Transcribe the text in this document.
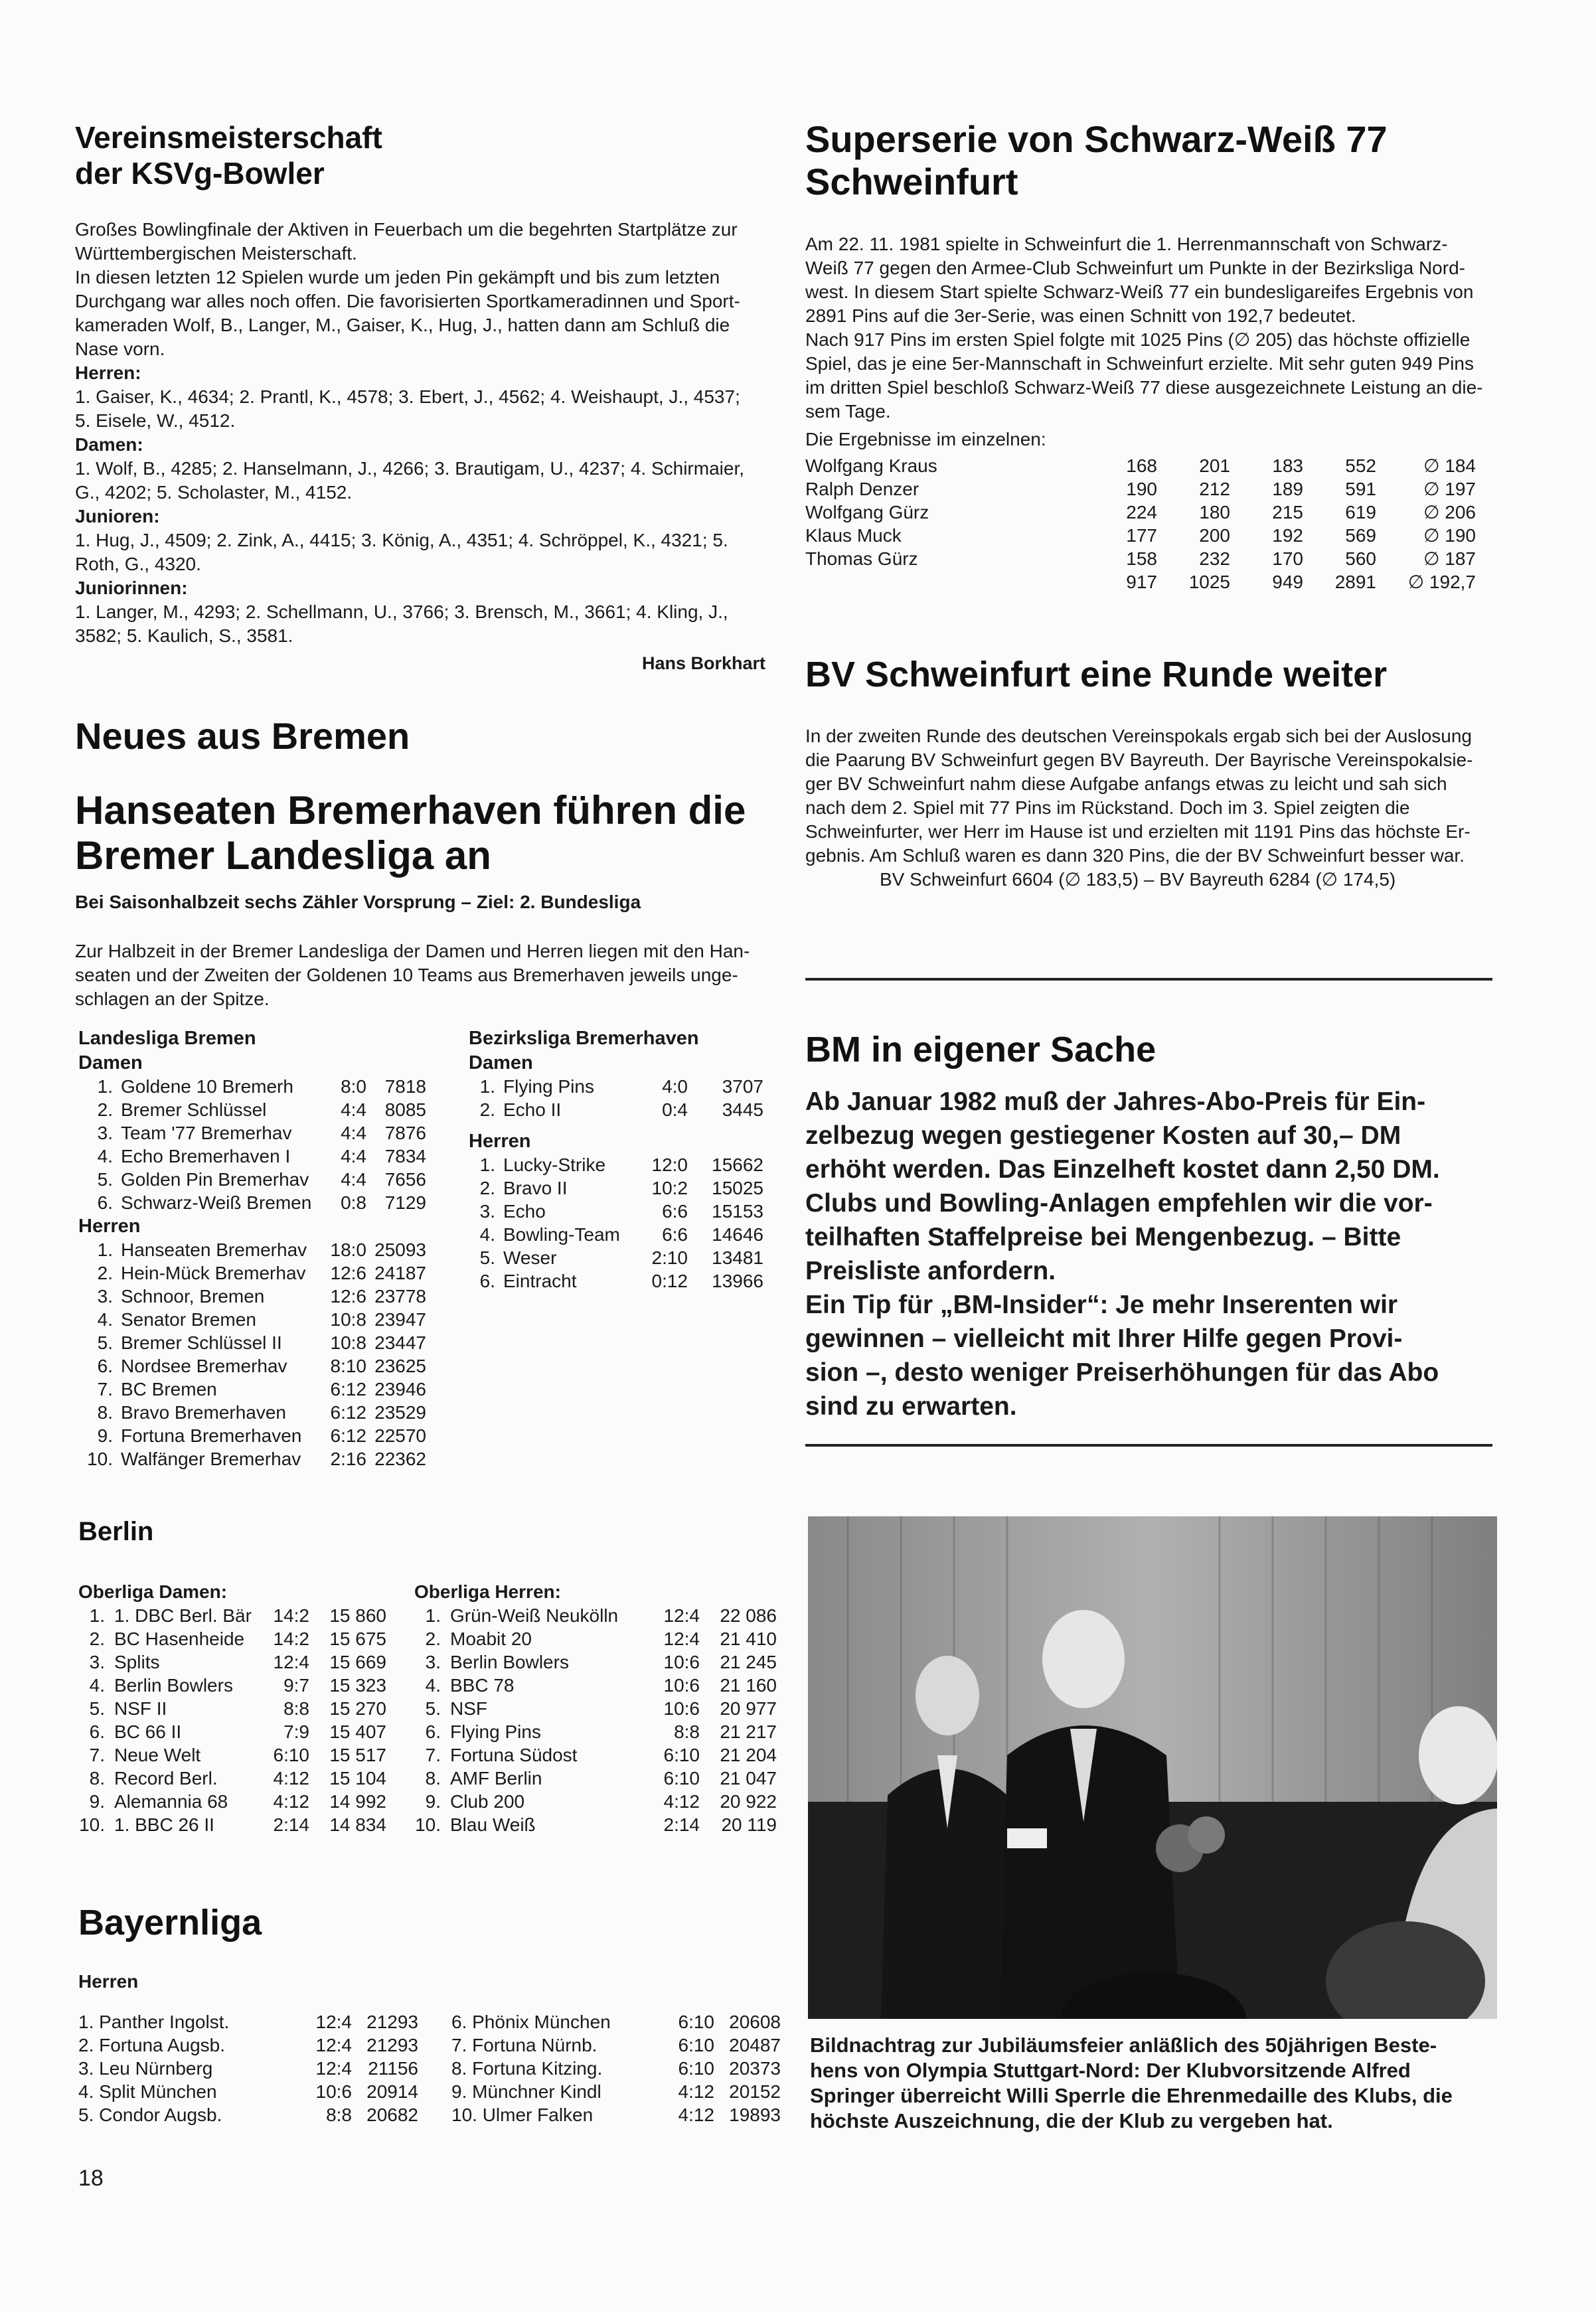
Vereinsmeisterschaft
der KSVg-Bowler

Großes Bowlingfinale der Aktiven in Feuerbach um die begehrten Startplätze zur

Württembergischen Meisterschaft.

In diesen letzten 12 Spielen wurde um jeden Pin gekämpft und bis zum letzten

Durchgang war alles noch offen. Die favorisierten Sportkameradinnen und Sport-

kameraden Wolf, B., Langer, M., Gaiser, K., Hug, J., hatten dann am Schluß die

Nase vorn.

Herren:

1. Gaiser, K., 4634; 2. Prantl, K., 4578; 3. Ebert, J., 4562; 4. Weishaupt, J., 4537;

5. Eisele, W., 4512.

Damen:

1. Wolf, B., 4285; 2. Hanselmann, J., 4266; 3. Brautigam, U., 4237; 4. Schirmaier,

G., 4202; 5. Scholaster, M., 4152.

Junioren:

1. Hug, J., 4509; 2. Zink, A., 4415; 3. König, A., 4351; 4. Schröppel, K., 4321; 5.

Roth, G., 4320.

Juniorinnen:

1. Langer, M., 4293; 2. Schellmann, U., 3766; 3. Brensch, M., 3661; 4. Kling, J.,

3582; 5. Kaulich, S., 3581.

Hans Borkhart
Neues aus Bremen
Hanseaten Bremerhaven führen die
Bremer Landesliga an
Bei Saisonhalbzeit sechs Zähler Vorsprung – Ziel: 2. Bundesliga

Zur Halbzeit in der Bremer Landesliga der Damen und Herren liegen mit den Han-

seaten und der Zweiten der Goldenen 10 Teams aus Bremerhaven jeweils unge-

schlagen an der Spitze.

Landesliga Bremen
Damen
1.	Goldene 10 Bremerh	8:0	7818
2.	Bremer Schlüssel	4:4	8085
3.	Team '77 Bremerhav	4:4	7876
4.	Echo Bremerhaven I	4:4	7834
5.	Golden Pin Bremerhav	4:4	7656
6.	Schwarz-Weiß Bremen	0:8	7129
Herren
1.	Hanseaten Bremerhav	18:0	25093
2.	Hein-Mück Bremerhav	12:6	24187
3.	Schnoor, Bremen	12:6	23778
4.	Senator Bremen	10:8	23947
5.	Bremer Schlüssel II	10:8	23447
6.	Nordsee Bremerhav	8:10	23625
7.	BC Bremen	6:12	23946
8.	Bravo Bremerhaven	6:12	23529
9.	Fortuna Bremerhaven	6:12	22570
10.	Walfänger Bremerhav	2:16	22362
Bezirksliga Bremerhaven
Damen
1.	Flying Pins	4:0	3707
2.	Echo II	0:4	3445
Herren
1.	Lucky-Strike	12:0	15662
2.	Bravo II	10:2	15025
3.	Echo	6:6	15153
4.	Bowling-Team	6:6	14646
5.	Weser	2:10	13481
6.	Eintracht	0:12	13966
Berlin
Oberliga Damen:
1.	1. DBC Berl. Bär	14:2	15 860
2.	BC Hasenheide	14:2	15 675
3.	Splits	12:4	15 669
4.	Berlin Bowlers	9:7	15 323
5.	NSF II	8:8	15 270
6.	BC 66 II	7:9	15 407
7.	Neue Welt	6:10	15 517
8.	Record Berl.	4:12	15 104
9.	Alemannia 68	4:12	14 992
10.	1. BBC 26 II	2:14	14 834
Oberliga Herren:
1.	Grün-Weiß Neukölln	12:4	22 086
2.	Moabit 20	12:4	21 410
3.	Berlin Bowlers	10:6	21 245
4.	BBC 78	10:6	21 160
5.	NSF	10:6	20 977
6.	Flying Pins	8:8	21 217
7.	Fortuna Südost	6:10	21 204
8.	AMF Berlin	6:10	21 047
9.	Club 200	4:12	20 922
10.	Blau Weiß	2:14	20 119
Bayernliga
Herren
1. Panther Ingolst.	12:4	21293
2. Fortuna Augsb.	12:4	21293
3. Leu Nürnberg	12:4	21156
4. Split München	10:6	20914
5. Condor Augsb.	8:8	20682
6. Phönix München	6:10	20608
7. Fortuna Nürnb.	6:10	20487
8. Fortuna Kitzing.	6:10	20373
9. Münchner Kindl	4:12	20152
10. Ulmer Falken	4:12	19893
18
Superserie von Schwarz-Weiß 77
Schweinfurt

Am 22. 11. 1981 spielte in Schweinfurt die 1. Herrenmannschaft von Schwarz-

Weiß 77 gegen den Armee-Club Schweinfurt um Punkte in der Bezirksliga Nord-

west. In diesem Start spielte Schwarz-Weiß 77 ein bundesligareifes Ergebnis von

2891 Pins auf die 3er-Serie, was einen Schnitt von 192,7 bedeutet.

Nach 917 Pins im ersten Spiel folgte mit 1025 Pins (∅ 205) das höchste offizielle

Spiel, das je eine 5er-Mannschaft in Schweinfurt erzielte. Mit sehr guten 949 Pins

im dritten Spiel beschloß Schwarz-Weiß 77 diese ausgezeichnete Leistung an die-

sem Tage.

Die Ergebnisse im einzelnen:

Wolfgang Kraus	168	201	183	552	∅ 184
Ralph Denzer	190	212	189	591	∅ 197
Wolfgang Gürz	224	180	215	619	∅ 206
Klaus Muck	177	200	192	569	∅ 190
Thomas Gürz	158	232	170	560	∅ 187
	917	1025	949	2891	∅ 192,7
BV Schweinfurt eine Runde weiter

In der zweiten Runde des deutschen Vereinspokals ergab sich bei der Auslosung

die Paarung BV Schweinfurt gegen BV Bayreuth. Der Bayrische Vereinspokalsie-

ger BV Schweinfurt nahm diese Aufgabe anfangs etwas zu leicht und sah sich

nach dem 2. Spiel mit 77 Pins im Rückstand. Doch im 3. Spiel zeigten die

Schweinfurter, wer Herr im Hause ist und erzielten mit 1191 Pins das höchste Er-

gebnis. Am Schluß waren es dann 320 Pins, die der BV Schweinfurt besser war.

BV Schweinfurt 6604 (∅ 183,5) – BV Bayreuth 6284 (∅ 174,5)

BM in eigener Sache
Ab Januar 1982 muß der Jahres-Abo-Preis für Ein-
zelbezug wegen gestiegener Kosten auf 30,– DM
erhöht werden. Das Einzelheft kostet dann 2,50 DM.
Clubs und Bowling-Anlagen empfehlen wir die vor-
teilhaften Staffelpreise bei Mengenbezug. – Bitte
Preisliste anfordern.
Ein Tip für „BM-Insider“: Je mehr Inserenten wir
gewinnen – vielleicht mit Ihrer Hilfe gegen Provi-
sion –, desto weniger Preiserhöhungen für das Abo
sind zu erwarten.
Bildnachtrag zur Jubiläumsfeier anläßlich des 50jährigen Beste-
hens von Olympia Stuttgart-Nord: Der Klubvorsitzende Alfred
Springer überreicht Willi Sperrle die Ehrenmedaille des Klubs, die
höchste Auszeichnung, die der Klub zu vergeben hat.
